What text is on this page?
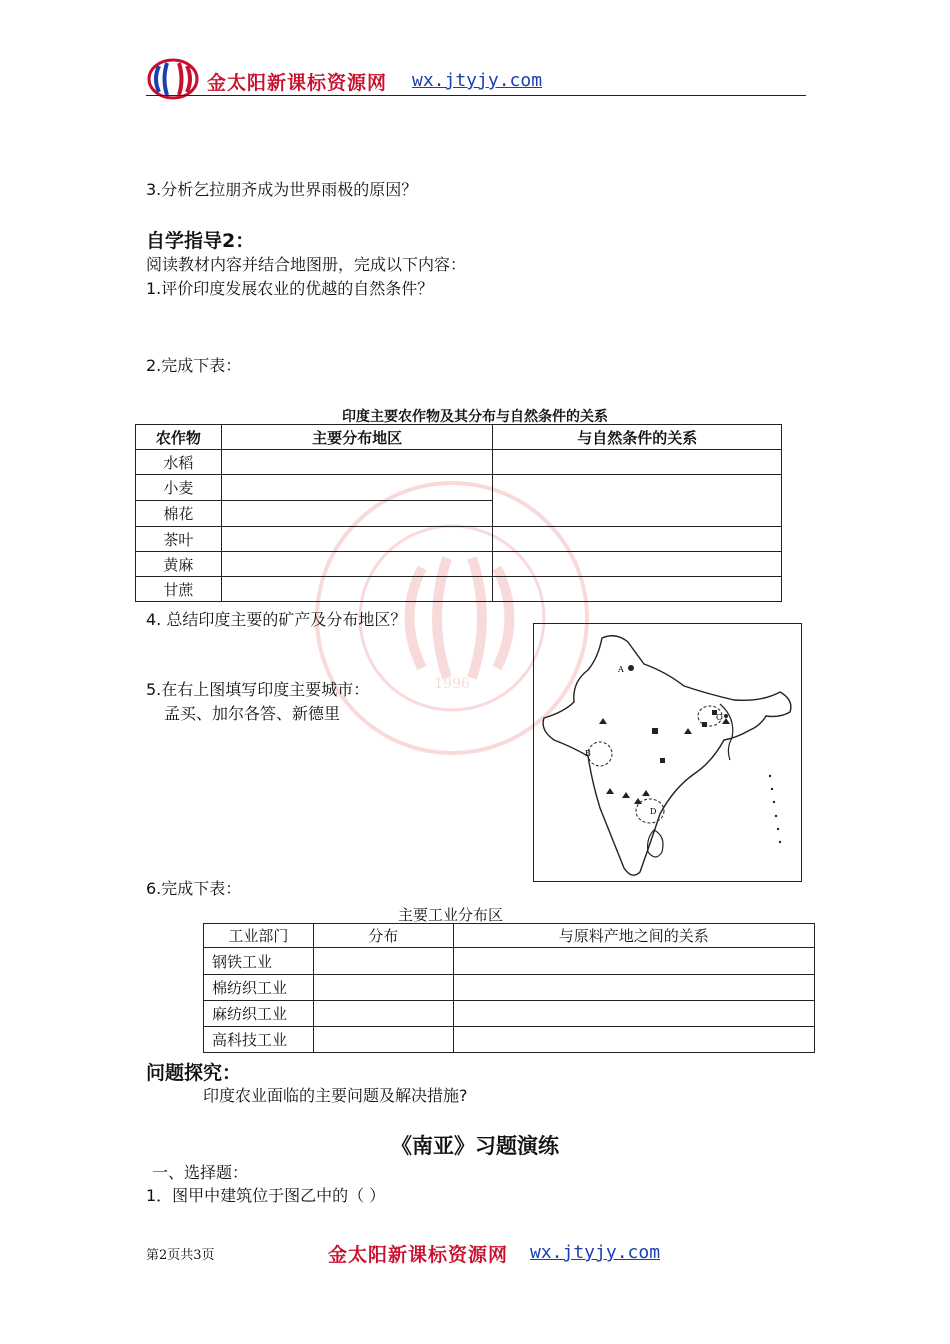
1996
金太阳新课标资源网 wx.jtyjy.com
3.分析乞拉朋齐成为世界雨极的原因？
自学指导2：
阅读教材内容并结合地图册，完成以下内容：
1.评价印度发展农业的优越的自然条件？
2.完成下表：
印度主要农作物及其分布与自然条件的关系
农作物	主要分布地区	与自然条件的关系
水稻		
小麦		
棉花		
茶叶		
黄麻		
甘蔗		
4. 总结印度主要的矿产及分布地区？
5.在右上图填写印度主要城市：
孟买、加尔各答、新德里
A
B
C
D
6.完成下表：
主要工业分布区
工业部门	分布	与原料产地之间的关系
钢铁工业		
棉纺织工业		
麻纺织工业		
高科技工业		
问题探究：
印度农业面临的主要问题及解决措施?
《南亚》习题演练
一、选择题：
1．图甲中建筑位于图乙中的（ ）
第2页共3页	金太阳新课标资源网 wx.jtyjy.com
